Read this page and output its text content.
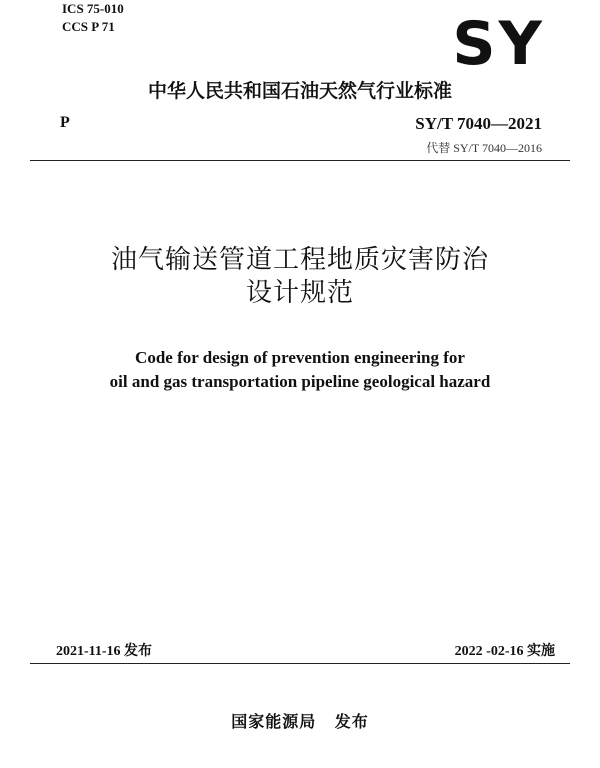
ICS 75-010
CCS P 71	SY
中华人民共和国石油天然气行业标准
P	SY/T 7040—2021
代替 SY/T 7040—2016
油气输送管道工程地质灾害防治
设计规范
Code for design of prevention engineering for
oil and gas transportation pipeline geological hazard
2021-11-16 发布	2022 -02-16 实施
国家能源局 发布
